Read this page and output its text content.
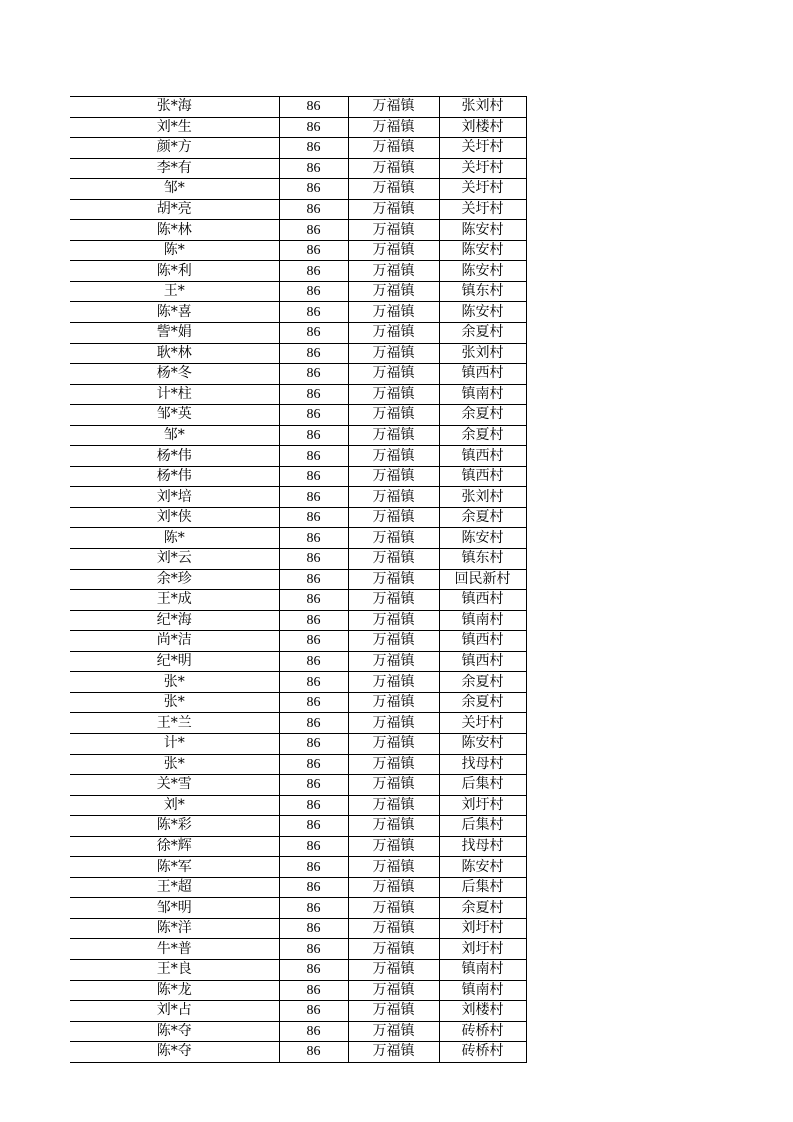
张*海	86	万福镇	张刘村
刘*生	86	万福镇	刘楼村
颜*方	86	万福镇	关圩村
李*有	86	万福镇	关圩村
邹*	86	万福镇	关圩村
胡*亮	86	万福镇	关圩村
陈*林	86	万福镇	陈安村
陈*	86	万福镇	陈安村
陈*利	86	万福镇	陈安村
王*	86	万福镇	镇东村
陈*喜	86	万福镇	陈安村
訾*娟	86	万福镇	余夏村
耿*林	86	万福镇	张刘村
杨*冬	86	万福镇	镇西村
计*柱	86	万福镇	镇南村
邹*英	86	万福镇	余夏村
邹*	86	万福镇	余夏村
杨*伟	86	万福镇	镇西村
杨*伟	86	万福镇	镇西村
刘*培	86	万福镇	张刘村
刘*侠	86	万福镇	余夏村
陈*	86	万福镇	陈安村
刘*云	86	万福镇	镇东村
余*珍	86	万福镇	回民新村
王*成	86	万福镇	镇西村
纪*海	86	万福镇	镇南村
尚*洁	86	万福镇	镇西村
纪*明	86	万福镇	镇西村
张*	86	万福镇	余夏村
张*	86	万福镇	余夏村
王*兰	86	万福镇	关圩村
计*	86	万福镇	陈安村
张*	86	万福镇	找母村
关*雪	86	万福镇	后集村
刘*	86	万福镇	刘圩村
陈*彩	86	万福镇	后集村
徐*辉	86	万福镇	找母村
陈*军	86	万福镇	陈安村
王*超	86	万福镇	后集村
邹*明	86	万福镇	余夏村
陈*洋	86	万福镇	刘圩村
牛*普	86	万福镇	刘圩村
王*良	86	万福镇	镇南村
陈*龙	86	万福镇	镇南村
刘*占	86	万福镇	刘楼村
陈*夺	86	万福镇	砖桥村
陈*夺	86	万福镇	砖桥村
